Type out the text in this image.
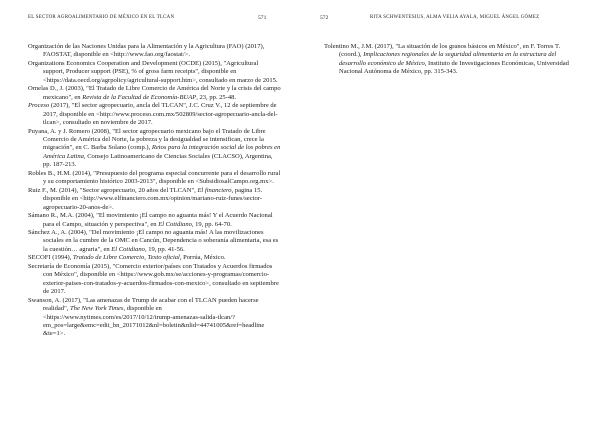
EL SECTOR AGROALIMENTARIO DE MÉXICO EN EL TLCAN	571

Organización de las Naciones Unidas para la Alimentación y la Agricultura (FAO) (2017), FAOSTAT, disponible en <http://www.fao.org/faostat/>.

Organizations Economics Cooperation and Development (OCDE) (2015), "Agricultural support, Producer support (PSE), % of gross farm receipts", disponible en <https://data.oecd.org/agrpolicy/agricultural-support.htm>, consultado en marzo de 2015.

Ornelas D., J. (2003), "El Tratado de Libre Comercio de América del Norte y la crisis del campo mexicano", en Revista de la Facultad de Economía-BUAP, 23, pp. 25-48.

Proceso (2017), "El sector agropecuario, ancla del TLCAN", J.C. Cruz V., 12 de septiembre de 2017, disponible en <http://www.proceso.com.mx/502809/sector-agropecuario-ancla-del-tlcan>, consultado en noviembre de 2017.

Puyana, A. y J. Romero (2008), "El sector agropecuario mexicano bajo el Tratado de Libre Comercio de América del Norte, la pobreza y la desigualdad se intensifican, crece la migración", en C. Barba Solano (comp.), Retos para la integración social de los pobres en América Latina, Consejo Latinoamericano de Ciencias Sociales (CLACSO), Argentina, pp. 187-213.

Robles B., H.M. (2014), "Presupuesto del programa especial concurrente para el desarrollo rural y su comportamiento histórico 2003-2013", disponible en <SubsidiosalCampo.org.mx>.

Ruiz F., M. (2014), "Sector agropecuario, 20 años del TLCAN", El financiero, pagina 15. disponible en <http://www.elfinanciero.com.mx/opinion/mariano-ruiz-funes/sector-agropecuario-20-anos-de>.

Sámano R., M.A. (2004), "El movimiento ¡El campo no aguanta más! Y el Acuerdo Nacional para el Campo, situación y perspectiva", en El Cotidiano, 19, pp. 64-70.

Sánchez A., A. (2004), "Del movimiento ¡El campo no aguanta más! A las movilizaciones sociales en la cumbre de la OMC en Cancún, Dependencia o soberanía alimentaria, esa es la cuestión… agraria", en El Cotidiano, 19, pp. 41-56.

SECOFI (1994), Tratado de Libre Comercio, Texto oficial, Porrúa, México.

Secretaría de Economía (2015), "Comercio exterior/países con Tratados y Acuerdos firmados con México", disponible en <https://www.gob.mx/se/acciones-y-programas/comercio-exterior-paises-con-tratados-y-acuerdos-firmados-con-mexico>, consultado en septiembre de 2017.

Swanson, A. (2017), "Las amenazas de Trump de acabar con el TLCAN pueden hacerse realidad", The New York Times, disponible en <https://www.nytimes.com/es/2017/10/12/trump-amenazas-salida-tlcan/?em_pos=large&emc=edit_bn_20171012&nl=boletin&nlid=44741005&ref=headline &te=1>.

572	RITA SCHWENTESIUS, ALMA VELIA AYALA, MIGUEL ÁNGEL GÓMEZ

Tolentino M., J.M. (2017), "La situación de los granos básicos en México", en F. Torres T. (coord.), Implicaciones regionales de la seguridad alimentaria en la estructura del desarrollo económico de México, Instituto de Investigaciones Económicas, Universidad Nacional Autónoma de México, pp. 315-343.
